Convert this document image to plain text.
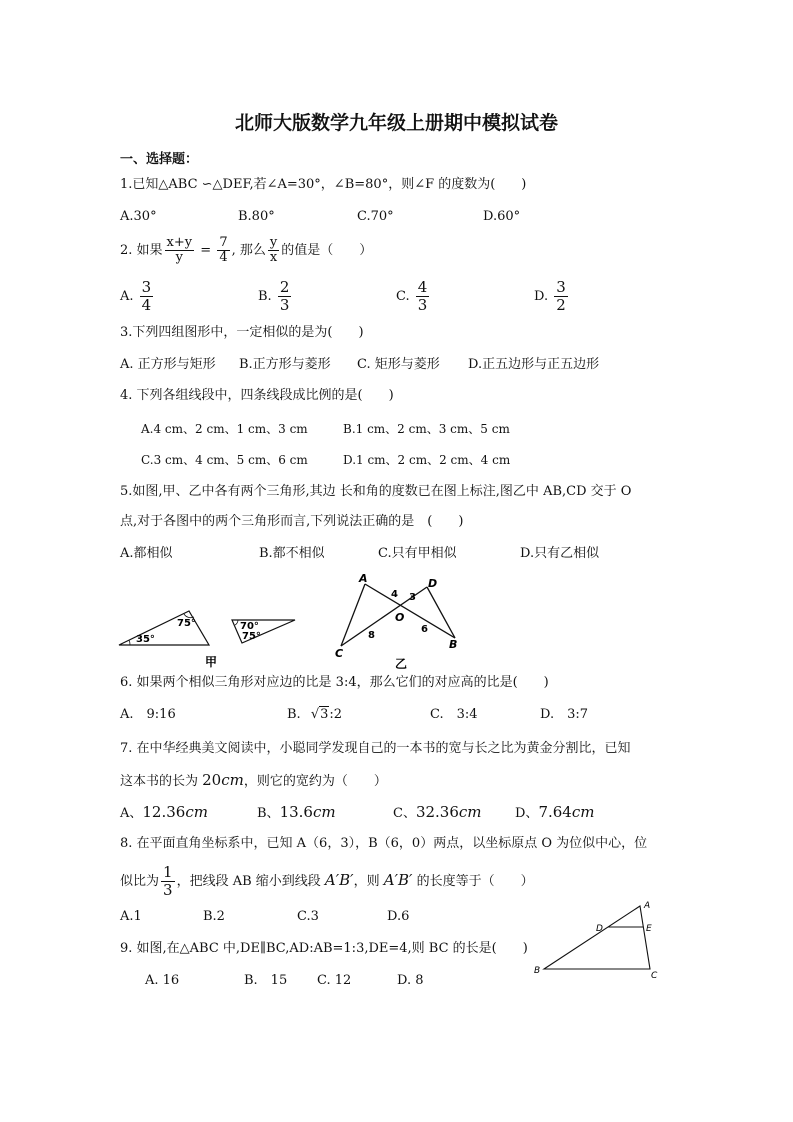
北师大版数学九年级上册期中模拟试卷
一、选择题：
1.已知△ABC ∽△DEF,若∠A=30°，∠B=80°，则∠F 的度数为(　　)
A.30°	B.80°	C.70°	D.60°
2. 如果 $\frac{x+y}{y} = \frac{7}{4}$ , 那么 $\frac{y}{x}$ 的值是（　　）
A. $\frac{3}{4}$	B. $\frac{2}{3}$	C. $\frac{4}{3}$	D. $\frac{3}{2}$
3.下列四组图形中，一定相似的是为(　　)
A. 正方形与矩形 B.正方形与菱形 C. 矩形与菱形 D.正五边形与正五边形
4. 下列各组线段中，四条线段成比例的是(　　)
A.4 cm、2 cm、1 cm、3 cm	B.1 cm、2 cm、3 cm、5 cm
C.3 cm、4 cm、5 cm、6 cm	D.1 cm、2 cm、2 cm、4 cm
5.如图,甲、乙中各有两个三角形,其边 长和角的度数已在图上标注,图乙中 AB,CD 交于 O
点,对于各图中的两个三角形而言,下列说法正确的是　(　　)
A.都相似	B.都不相似	C.只有甲相似	D.只有乙相似
35°
75°	70°
75°
甲
A	D
O
C
B
4 3
8
6
乙
6. 如果两个相似三角形对应边的比是 3:4，那么它们的对应高的比是(　　)
A.　9:16	B. √3:2	C.　3:4	D.　3:7
7. 在中华经典美文阅读中，小聪同学发现自己的一本书的宽与长之比为黄金分割比，已知
这本书的长为 20cm，则它的宽约为（　　）
A、12.36cm	B、13.6cm	C、32.36cm	D、7.64cm
8. 在平面直角坐标系中，已知 A（6，3），B（6，0）两点，以坐标原点 O 为位似中心，位
似比为 $\frac{1}{3}$ ，把线段 AB 缩小到线段 A′B′，则 A′B′ 的长度等于（　　）
A.1	B.2	C.3	D.6
9. 如图,在△ABC 中,DE∥BC,AD:AB=1:3,DE=4,则 BC 的长是(　　)
A. 16	B.　15 C. 12	D. 8
A
D	E
B	C
